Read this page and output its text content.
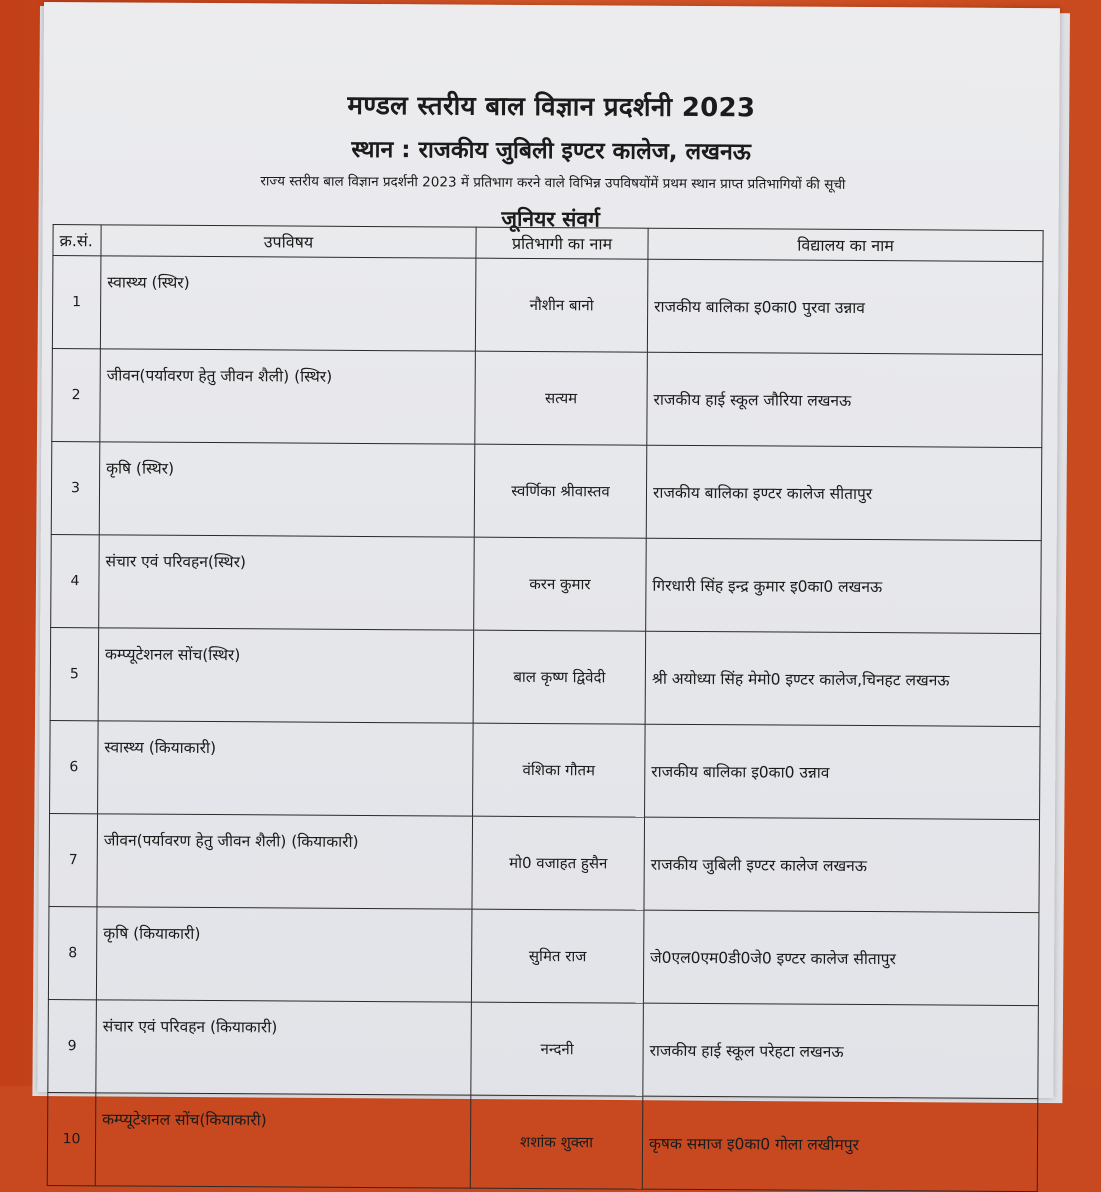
मण्डल स्तरीय बाल विज्ञान प्रदर्शनी 2023
स्थान : राजकीय जुबिली इण्टर कालेज, लखनऊ
राज्य स्तरीय बाल विज्ञान प्रदर्शनी 2023 में प्रतिभाग करने वाले विभिन्न उपविषयोंमें प्रथम स्थान प्राप्त प्रतिभागियों की सूची
जूनियर संवर्ग
क्र.सं.	उपविषय	प्रतिभागी का नाम	विद्यालय का नाम
1	स्वास्थ्य (स्थिर)	नौशीन बानो	राजकीय बालिका इ0का0 पुरवा उन्नाव
2	जीवन(पर्यावरण हेतु जीवन शैली) (स्थिर)	सत्यम	राजकीय हाई स्कूल जौरिया लखनऊ
3	कृषि (स्थिर)	स्वर्णिका श्रीवास्तव	राजकीय बालिका इण्टर कालेज सीतापुर
4	संचार एवं परिवहन(स्थिर)	करन कुमार	गिरधारी सिंह इन्द्र कुमार इ0का0 लखनऊ
5	कम्प्यूटेशनल सोंच(स्थिर)	बाल कृष्ण द्विवेदी	श्री अयोध्या सिंह मेमो0 इण्टर कालेज,चिनहट लखनऊ
6	स्वास्थ्य (कियाकारी)	वंशिका गौतम	राजकीय बालिका इ0का0 उन्नाव
7	जीवन(पर्यावरण हेतु जीवन शैली) (कियाकारी)	मो0 वजाहत हुसैन	राजकीय जुबिली इण्टर कालेज लखनऊ
8	कृषि (कियाकारी)	सुमित राज	जे0एल0एम0डी0जे0 इण्टर कालेज सीतापुर
9	संचार एवं परिवहन (कियाकारी)	नन्दनी	राजकीय हाई स्कूल परेहटा लखनऊ
10	कम्प्यूटेशनल सोंच(कियाकारी)	शशांक शुक्ला	कृषक समाज इ0का0 गोला लखीमपुर
